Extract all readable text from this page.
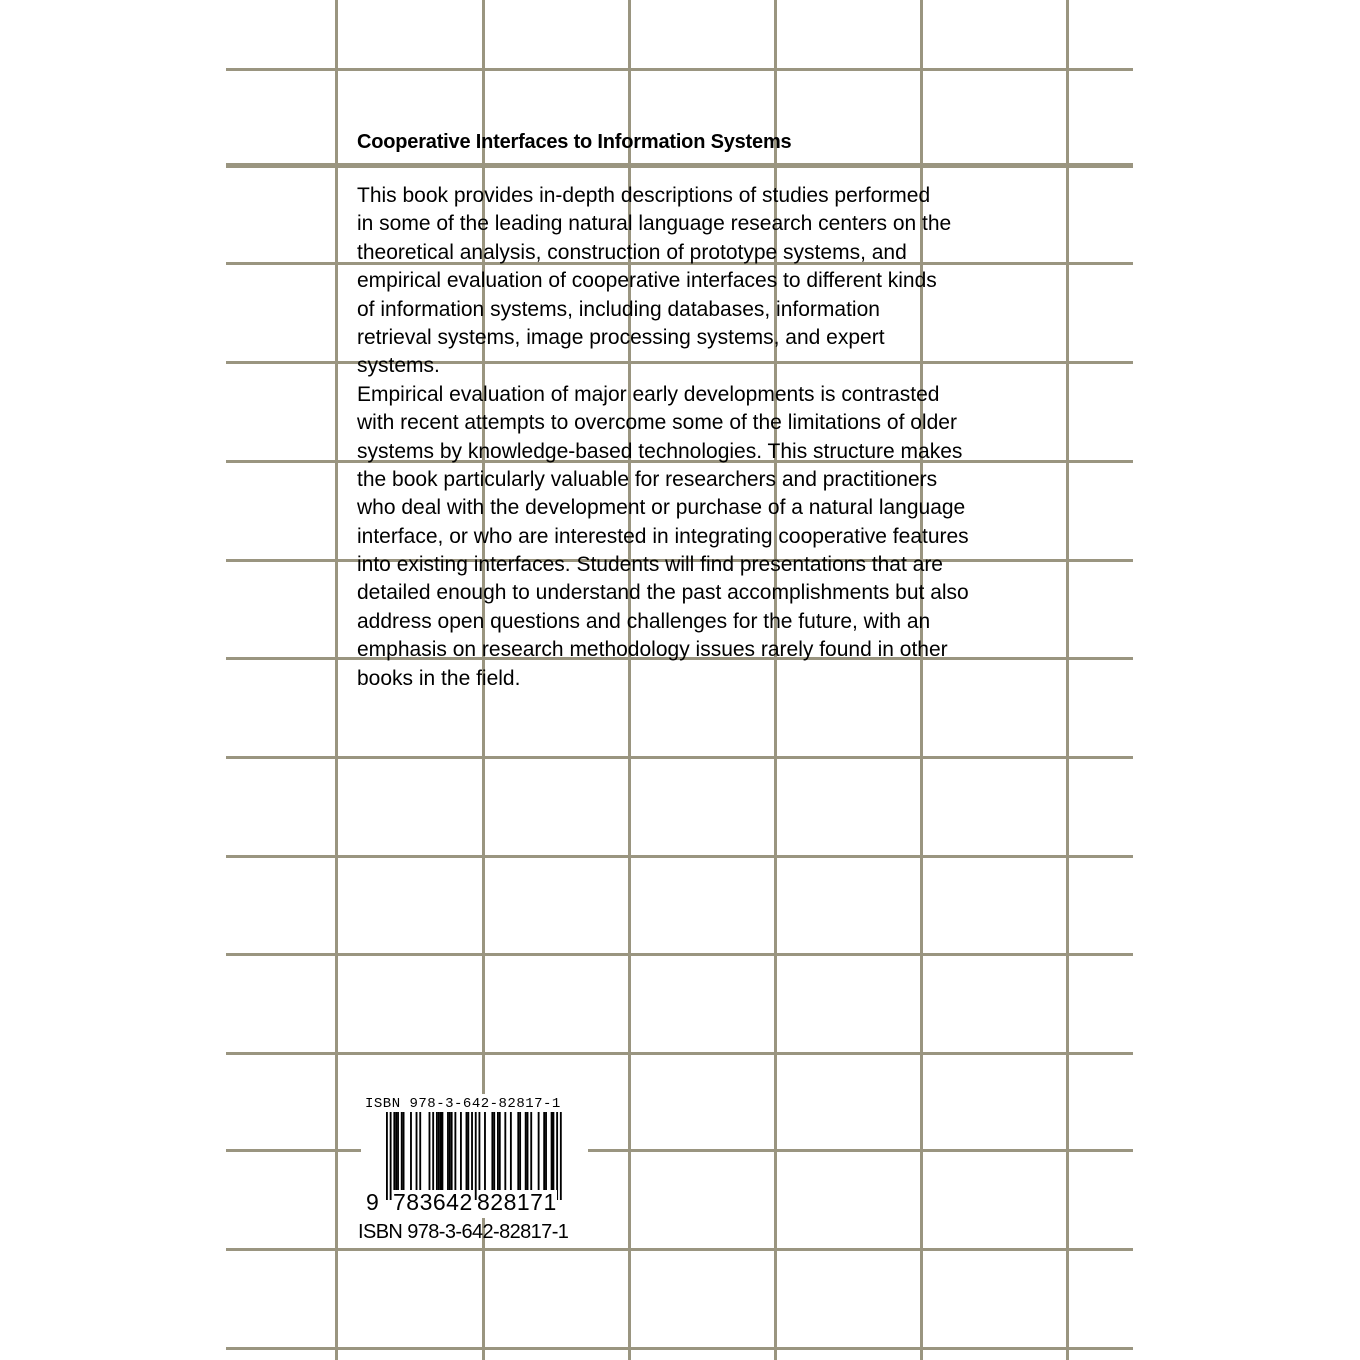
Cooperative Interfaces to Information Systems
This book provides in-depth descriptions of studies performed
in some of the leading natural language research centers on the
theoretical analysis, construction of prototype systems, and
empirical evaluation of cooperative interfaces to different kinds
of information systems, including databases, information
retrieval systems, image processing systems, and expert
systems.
Empirical evaluation of major early developments is contrasted
with recent attempts to overcome some of the limitations of older
systems by knowledge-based technologies. This structure makes
the book particularly valuable for researchers and practitioners
who deal with the development or purchase of a natural language
interface, or who are interested in integrating cooperative features
into existing interfaces. Students will find presentations that are
detailed enough to understand the past accomplishments but also
address open questions and challenges for the future, with an
emphasis on research methodology issues rarely found in other
books in the field.
ISBN 978-3-642-82817-1
9 783642 828171
ISBN 978-3-642-82817-1
